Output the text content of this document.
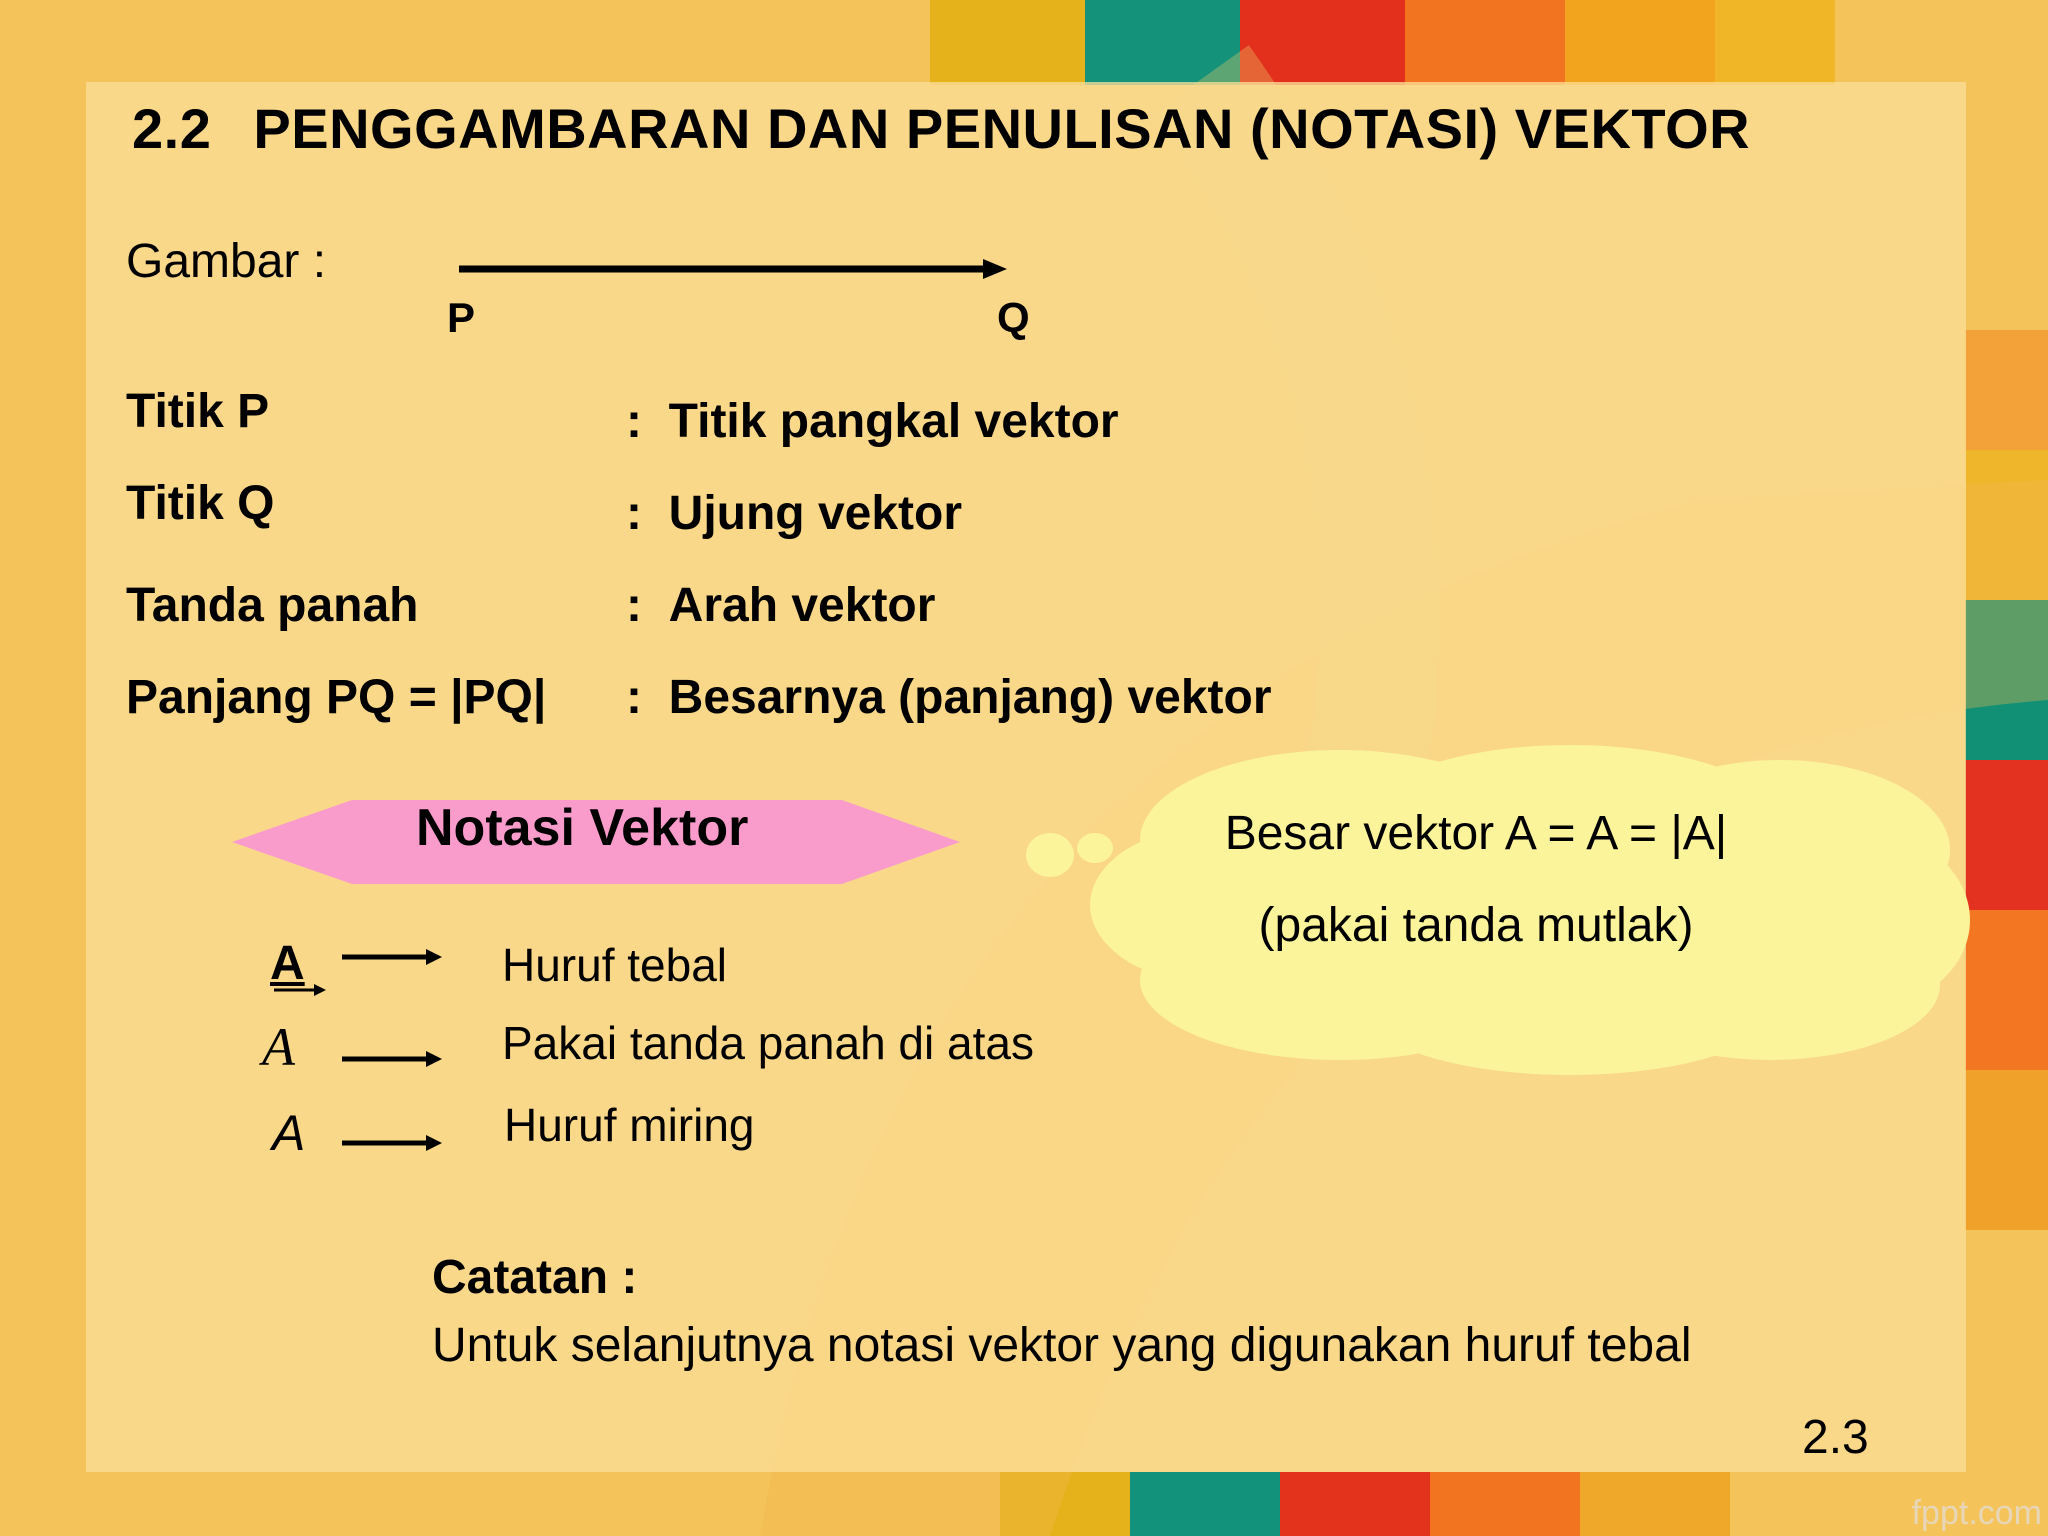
2.2 PENGGAMBARAN DAN PENULISAN (NOTASI) VEKTOR
Gambar :
P	Q
Titik P	: Titik pangkal vektor
Titik Q	: Ujung vektor
Tanda panah	: Arah vektor
Panjang PQ = |PQ| : Besarnya (panjang) vektor
Notasi Vektor
A	Huruf tebal
A	Pakai tanda panah di atas
A	Huruf miring
Besar vektor A = A = |A|
(pakai tanda mutlak)
Catatan :
Untuk selanjutnya notasi vektor yang digunakan huruf tebal
2.3
fppt.com
